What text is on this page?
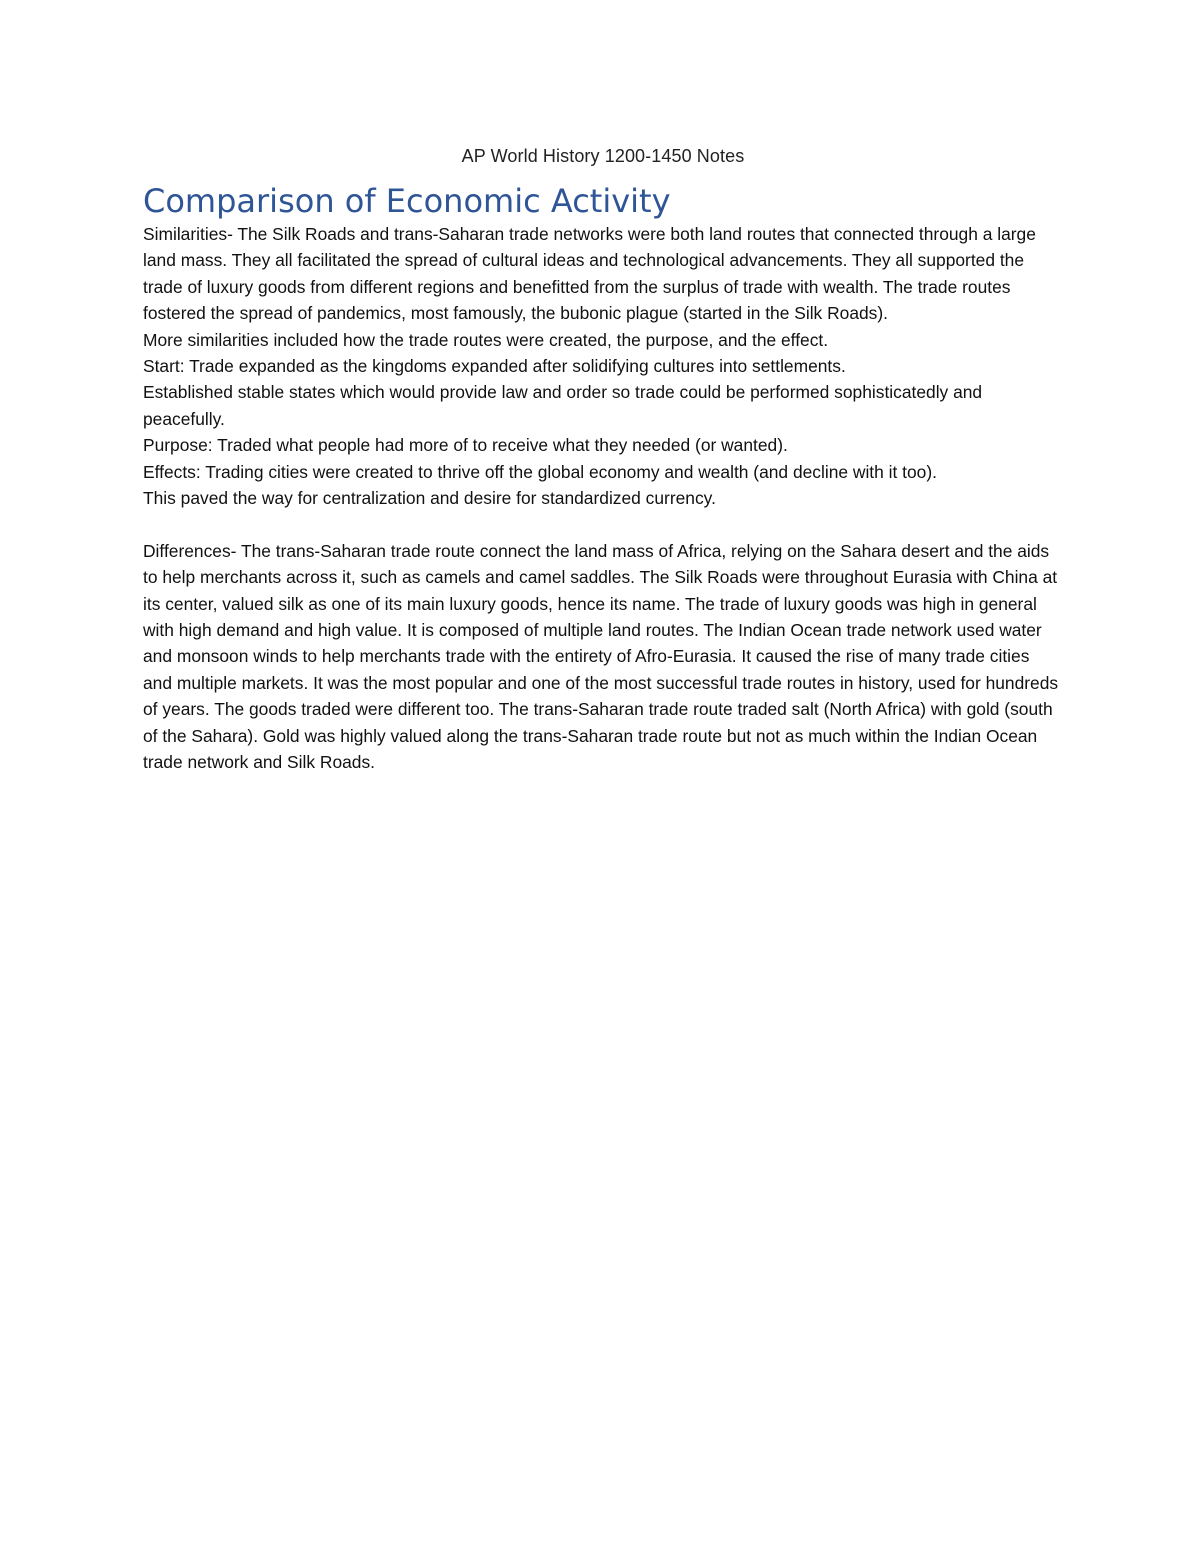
AP World History 1200-1450 Notes
Comparison of Economic Activity

Similarities- The Silk Roads and trans-Saharan trade networks were both land routes that connected through a large land mass. They all facilitated the spread of cultural ideas and technological advancements. They all supported the trade of luxury goods from different regions and benefitted from the surplus of trade with wealth. The trade routes fostered the spread of pandemics, most famously, the bubonic plague (started in the Silk Roads).

More similarities included how the trade routes were created, the purpose, and the effect.

Start: Trade expanded as the kingdoms expanded after solidifying cultures into settlements.

Established stable states which would provide law and order so trade could be performed sophisticatedly and peacefully.

Purpose: Traded what people had more of to receive what they needed (or wanted).

Effects: Trading cities were created to thrive off the global economy and wealth (and decline with it too).

This paved the way for centralization and desire for standardized currency.

Differences- The trans-Saharan trade route connect the land mass of Africa, relying on the Sahara desert and the aids to help merchants across it, such as camels and camel saddles. The Silk Roads were throughout Eurasia with China at its center, valued silk as one of its main luxury goods, hence its name. The trade of luxury goods was high in general with high demand and high value. It is composed of multiple land routes. The Indian Ocean trade network used water and monsoon winds to help merchants trade with the entirety of Afro-Eurasia. It caused the rise of many trade cities and multiple markets. It was the most popular and one of the most successful trade routes in history, used for hundreds of years. The goods traded were different too. The trans-Saharan trade route traded salt (North Africa) with gold (south of the Sahara). Gold was highly valued along the trans-Saharan trade route but not as much within the Indian Ocean trade network and Silk Roads.
